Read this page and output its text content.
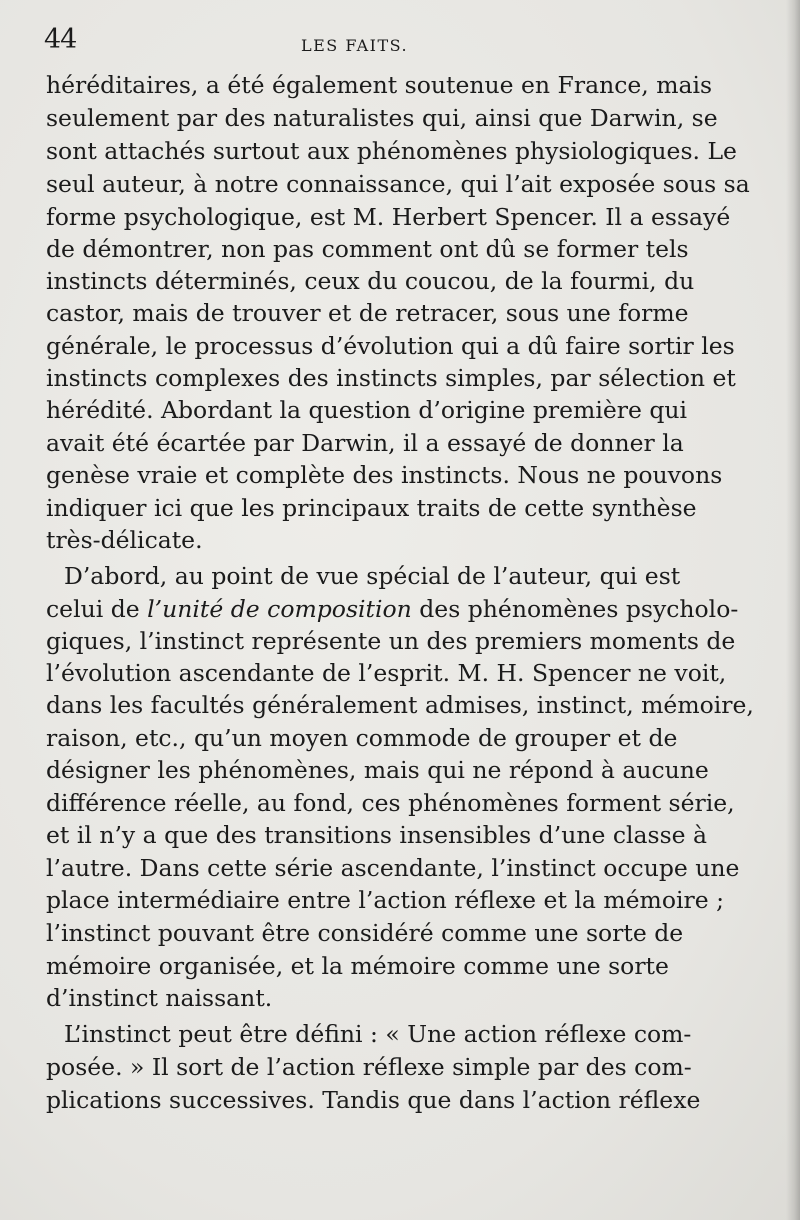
44	LES FAITS.
héréditaires, a été également soutenue en France, mais
seulement par des naturalistes qui, ainsi que Darwin, se
sont attachés surtout aux phénomènes physiologiques. Le
seul auteur, à notre connaissance, qui l’ait exposée sous sa
forme psychologique, est M. Herbert Spencer. Il a essayé
de démontrer, non pas comment ont dû se former tels
instincts déterminés, ceux du coucou, de la fourmi, du
castor, mais de trouver et de retracer, sous une forme
générale, le processus d’évolution qui a dû faire sortir les
instincts complexes des instincts simples, par sélection et
hérédité. Abordant la question d’origine première qui
avait été écartée par Darwin, il a essayé de donner la
genèse vraie et complète des instincts. Nous ne pouvons
indiquer ici que les principaux traits de cette synthèse
très-délicate.
D’abord, au point de vue spécial de l’auteur, qui est
celui de l’unité de composition des phénomènes psycholo-
giques, l’instinct représente un des premiers moments de
l’évolution ascendante de l’esprit. M. H. Spencer ne voit,
dans les facultés généralement admises, instinct, mémoire,
raison, etc., qu’un moyen commode de grouper et de
désigner les phénomènes, mais qui ne répond à aucune
différence réelle, au fond, ces phénomènes forment série,
et il n’y a que des transitions insensibles d’une classe à
l’autre. Dans cette série ascendante, l’instinct occupe une
place intermédiaire entre l’action réflexe et la mémoire ;
l’instinct pouvant être considéré comme une sorte de
mémoire organisée, et la mémoire comme une sorte
d’instinct naissant.
L’instinct peut être défini : « Une action réflexe com-
posée. » Il sort de l’action réflexe simple par des com-
plications successives. Tandis que dans l’action réflexe
